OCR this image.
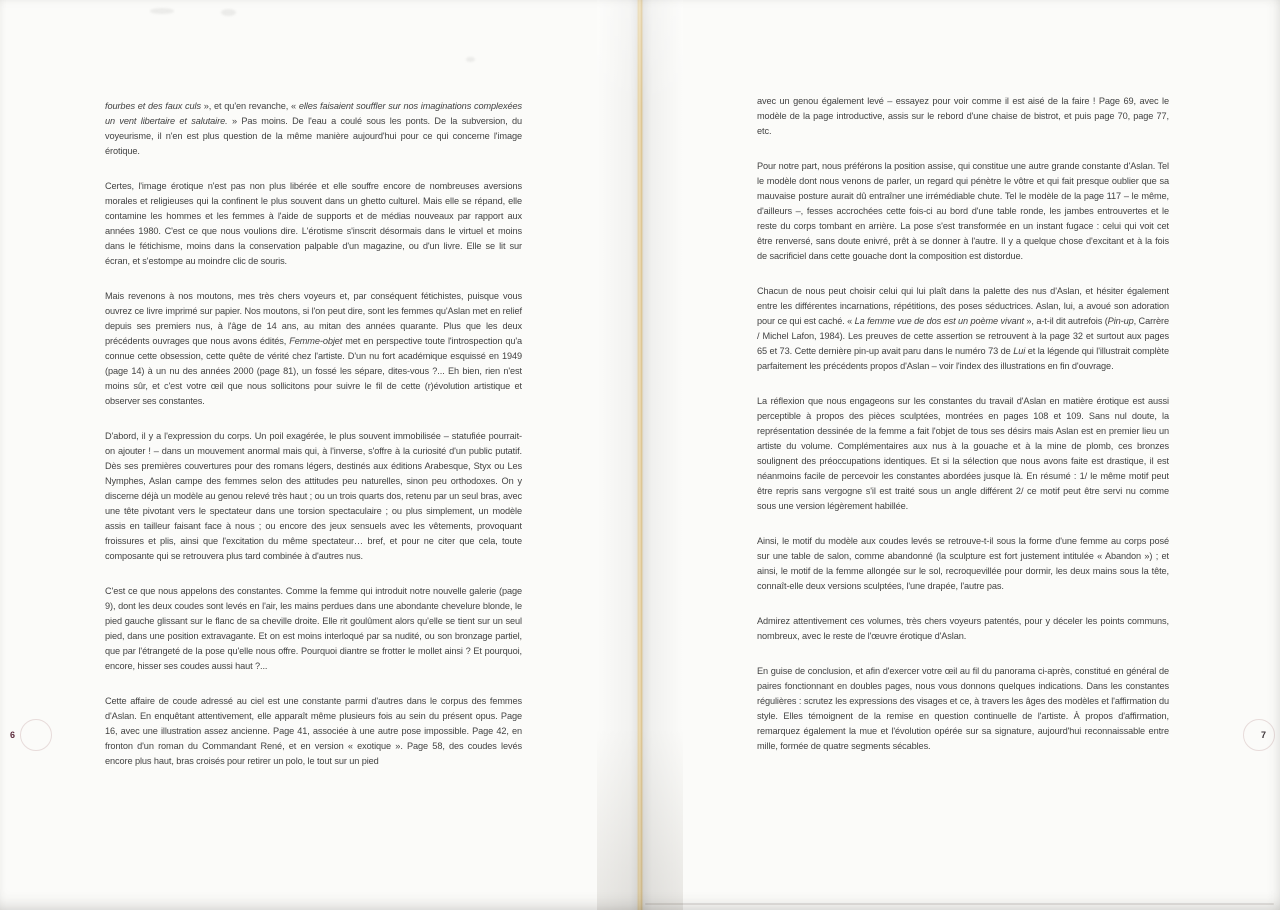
fourbes et des faux culs », et qu'en revanche, « elles faisaient souffler sur nos imaginations complexées un vent libertaire et salutaire. » Pas moins. De l'eau a coulé sous les ponts. De la subversion, du voyeurisme, il n'en est plus question de la même manière aujourd'hui pour ce qui concerne l'image érotique.

Certes, l'image érotique n'est pas non plus libérée et elle souffre encore de nombreuses aversions morales et religieuses qui la confinent le plus souvent dans un ghetto culturel. Mais elle se répand, elle contamine les hommes et les femmes à l'aide de supports et de médias nouveaux par rapport aux années 1980. C'est ce que nous voulions dire. L'érotisme s'inscrit désormais dans le virtuel et moins dans le fétichisme, moins dans la conservation palpable d'un magazine, ou d'un livre. Elle se lit sur écran, et s'estompe au moindre clic de souris.

Mais revenons à nos moutons, mes très chers voyeurs et, par conséquent fétichistes, puisque vous ouvrez ce livre imprimé sur papier. Nos moutons, si l'on peut dire, sont les femmes qu'Aslan met en relief depuis ses premiers nus, à l'âge de 14 ans, au mitan des années quarante. Plus que les deux précédents ouvrages que nous avons édités, Femme-objet met en perspective toute l'introspection qu'a connue cette obsession, cette quête de vérité chez l'artiste. D'un nu fort académique esquissé en 1949 (page 14) à un nu des années 2000 (page 81), un fossé les sépare, dites-vous ?... Eh bien, rien n'est moins sûr, et c'est votre œil que nous sollicitons pour suivre le fil de cette (r)évolution artistique et observer ses constantes.

D'abord, il y a l'expression du corps. Un poil exagérée, le plus souvent immobilisée – statufiée pourrait-on ajouter ! – dans un mouvement anormal mais qui, à l'inverse, s'offre à la curiosité d'un public putatif. Dès ses premières couvertures pour des romans légers, destinés aux éditions Arabesque, Styx ou Les Nymphes, Aslan campe des femmes selon des attitudes peu naturelles, sinon peu orthodoxes. On y discerne déjà un modèle au genou relevé très haut ; ou un trois quarts dos, retenu par un seul bras, avec une tête pivotant vers le spectateur dans une torsion spectaculaire ; ou plus simplement, un modèle assis en tailleur faisant face à nous ; ou encore des jeux sensuels avec les vêtements, provoquant froissures et plis, ainsi que l'excitation du même spectateur… bref, et pour ne citer que cela, toute composante qui se retrouvera plus tard combinée à d'autres nus.

C'est ce que nous appelons des constantes. Comme la femme qui introduit notre nouvelle galerie (page 9), dont les deux coudes sont levés en l'air, les mains perdues dans une abondante chevelure blonde, le pied gauche glissant sur le flanc de sa cheville droite. Elle rit goulûment alors qu'elle se tient sur un seul pied, dans une position extravagante. Et on est moins interloqué par sa nudité, ou son bronzage partiel, que par l'étrangeté de la pose qu'elle nous offre. Pourquoi diantre se frotter le mollet ainsi ? Et pourquoi, encore, hisser ses coudes aussi haut ?...

Cette affaire de coude adressé au ciel est une constante parmi d'autres dans le corpus des femmes d'Aslan. En enquêtant attentivement, elle apparaît même plusieurs fois au sein du présent opus. Page 16, avec une illustration assez ancienne. Page 41, associée à une autre pose impossible. Page 42, en fronton d'un roman du Commandant René, et en version « exotique ». Page 58, des coudes levés encore plus haut, bras croisés pour retirer un polo, le tout sur un pied

avec un genou également levé – essayez pour voir comme il est aisé de la faire ! Page 69, avec le modèle de la page introductive, assis sur le rebord d'une chaise de bistrot, et puis page 70, page 77, etc.

Pour notre part, nous préférons la position assise, qui constitue une autre grande constante d'Aslan. Tel le modèle dont nous venons de parler, un regard qui pénètre le vôtre et qui fait presque oublier que sa mauvaise posture aurait dû entraîner une irrémédiable chute. Tel le modèle de la page 117 – le même, d'ailleurs –, fesses accrochées cette fois-ci au bord d'une table ronde, les jambes entrouvertes et le reste du corps tombant en arrière. La pose s'est transformée en un instant fugace : celui qui voit cet être renversé, sans doute enivré, prêt à se donner à l'autre. Il y a quelque chose d'excitant et à la fois de sacrificiel dans cette gouache dont la composition est distordue.

Chacun de nous peut choisir celui qui lui plaît dans la palette des nus d'Aslan, et hésiter également entre les différentes incarnations, répétitions, des poses séductrices. Aslan, lui, a avoué son adoration pour ce qui est caché. « La femme vue de dos est un poème vivant », a-t-il dit autrefois (Pin-up, Carrère / Michel Lafon, 1984). Les preuves de cette assertion se retrouvent à la page 32 et surtout aux pages 65 et 73. Cette dernière pin-up avait paru dans le numéro 73 de Lui et la légende qui l'illustrait complète parfaitement les précédents propos d'Aslan – voir l'index des illustrations en fin d'ouvrage.

La réflexion que nous engageons sur les constantes du travail d'Aslan en matière érotique est aussi perceptible à propos des pièces sculptées, montrées en pages 108 et 109. Sans nul doute, la représentation dessinée de la femme a fait l'objet de tous ses désirs mais Aslan est en premier lieu un artiste du volume. Complémentaires aux nus à la gouache et à la mine de plomb, ces bronzes soulignent des préoccupations identiques. Et si la sélection que nous avons faite est drastique, il est néanmoins facile de percevoir les constantes abordées jusque là. En résumé : 1/ le même motif peut être repris sans vergogne s'il est traité sous un angle différent 2/ ce motif peut être servi nu comme sous une version légèrement habillée.

Ainsi, le motif du modèle aux coudes levés se retrouve-t-il sous la forme d'une femme au corps posé sur une table de salon, comme abandonné (la sculpture est fort justement intitulée « Abandon ») ; et ainsi, le motif de la femme allongée sur le sol, recroquevillée pour dormir, les deux mains sous la tête, connaît-elle deux versions sculptées, l'une drapée, l'autre pas.

Admirez attentivement ces volumes, très chers voyeurs patentés, pour y déceler les points communs, nombreux, avec le reste de l'œuvre érotique d'Aslan.

En guise de conclusion, et afin d'exercer votre œil au fil du panorama ci-après, constitué en général de paires fonctionnant en doubles pages, nous vous donnons quelques indications. Dans les constantes régulières : scrutez les expressions des visages et ce, à travers les âges des modèles et l'affirmation du style. Elles témoignent de la remise en question continuelle de l'artiste. À propos d'affirmation, remarquez également la mue et l'évolution opérée sur sa signature, aujourd'hui reconnaissable entre mille, formée de quatre segments sécables.

6	7
